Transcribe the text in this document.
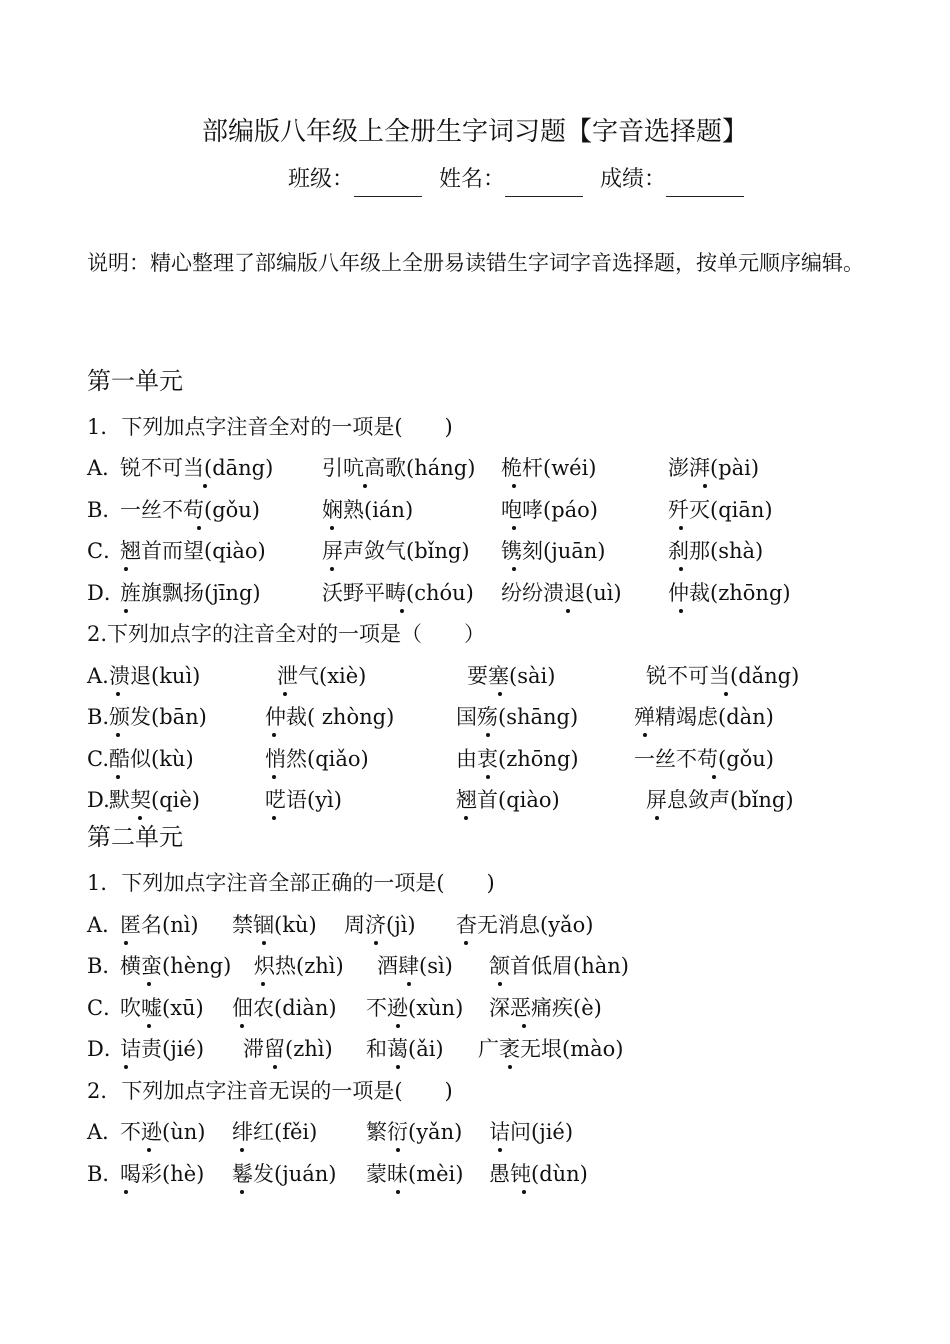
部编版八年级上全册生字词习题【字音选择题】
班级：	姓名：	成绩：
说明：精心整理了部编版八年级上全册易读错生字词字音选择题，按单元顺序编辑。
第一单元
1．下列加点字注音全对的一项是(　　)
A．
锐不可当(dāng) 引吭高歌(háng) 桅杆(wéi)	澎湃(pài)
B．
一丝不苟(gǒu)	娴熟(ián)	咆哮(páo)	歼灭(qiān)
C．
翘首而望(qiào)	屏声敛气(bǐng) 镌刻(juān)	刹那(shà)
D．
旌旗飘扬(jīng)	沃野平畴(chóu) 纷纷溃退(uì) 仲裁(zhōng)
2.下列加点字的注音全对的一项是（　　）
A. 溃退(kuì)	泄气(xiè)	要塞(sài)	锐不可当(dǎng)
B. 颁发(bān)	仲裁( zhòng)	国殇(shāng)	殚精竭虑(dàn)
C. 酷似(kù)	悄然(qiǎo)	由衷(zhōng)	一丝不苟(gǒu)
D. 默契(qiè)	呓语(yì)	翘首(qiào)	屏息敛声(bǐng)
第二单元
1．下列加点字注音全部正确的一项是(　　)
A．
匿名(nì) 禁锢(kù) 周济(jì) 杳无消息(yǎo)
B．
横蛮(hèng) 炽热(zhì) 酒肆(sì) 颔首低眉(hàn)
C．
吹嘘(xū) 佃农(diàn) 不逊(xùn) 深恶痛疾(è)
D．
诘责(jié) 滞留(zhì) 和蔼(ǎi) 广袤无垠(mào)
2．下列加点字注音无误的一项是(　　)
A．
不逊(ùn) 绯红(fěi) 繁衍(yǎn) 诘问(jié)
B．
喝彩(hè) 鬈发(juán) 蒙昧(mèi) 愚钝(dùn)
